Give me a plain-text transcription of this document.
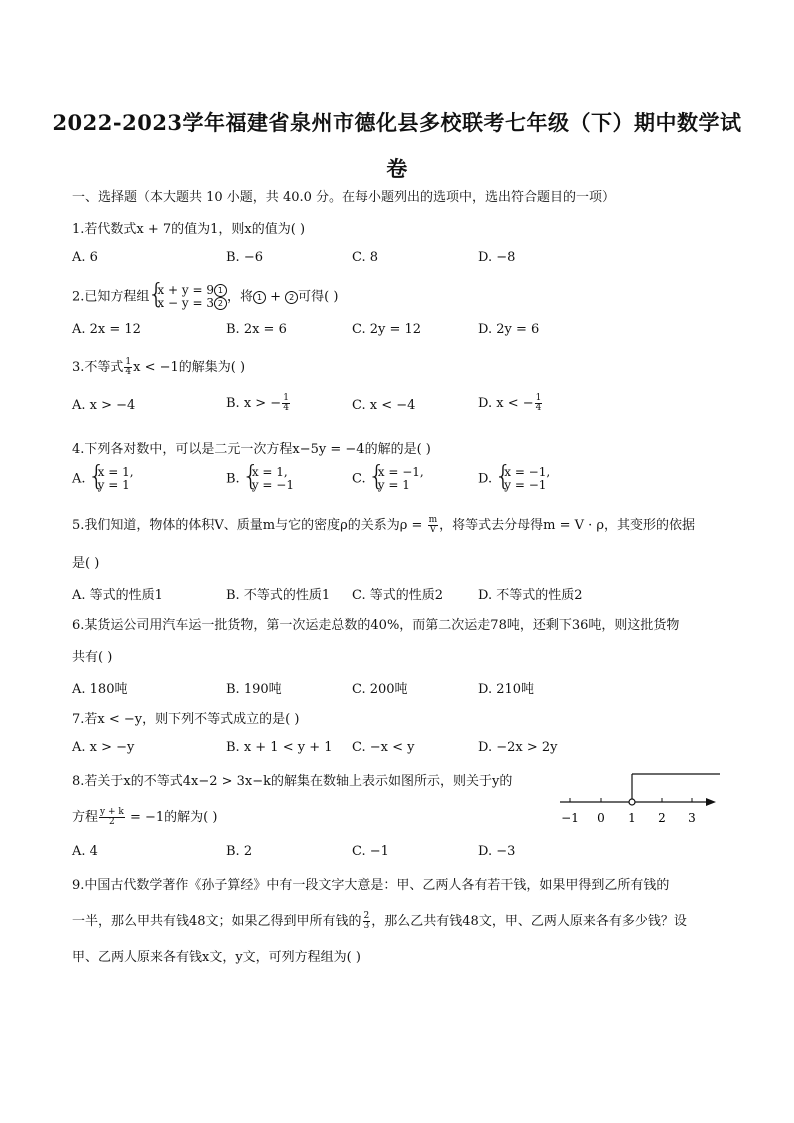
2022-2023学年福建省泉州市德化县多校联考七年级（下）期中数学试
卷
一、选择题（本大题共 10 小题，共 40.0 分。在每小题列出的选项中，选出符合题目的一项）
1.若代数式x + 7的值为1，则x的值为( )
A. 6	B. −6	C. 8	D. −8
2.已知方程组 { x + y = 9 1
x − y = 3 2 ，将 1 + 2 可得( )
A. 2x = 12	B. 2x = 6	C. 2y = 12	D. 2y = 6
3.不等式 $\frac{1}{4}$ x < −1的解集为( )
A. x > −4	B. x > − $\frac{1}{4}$	C. x < −4	D. x < − $\frac{1}{4}$
4.下列各对数中，可以是二元一次方程x−5y = −4的解的是( )
A. { x = 1,
y = 1	B. { x = 1,
y = −1	C. { x = −1,
y = 1	D. { x = −1,
y = −1
5.我们知道，物体的体积V、质量m与它的密度ρ的关系为$\rho = \frac{m}{V}$ ，将等式去分母得m = V · ρ，其变形的依据
是( )
A. 等式的性质1	B. 不等式的性质1 C. 等式的性质2	D. 不等式的性质2
6.某货运公司用汽车运一批货物，第一次运走总数的40%，而第二次运走78吨，还剩下36吨，则这批货物
共有( )
A. 180吨	B. 190吨	C. 200吨	D. 210吨
7.若x < −y，则下列不等式成立的是( )
A. x > −y	B. x + 1 < y + 1 C. −x < y	D. −2x > 2y
8.若关于x的不等式4x−2 > 3x−k的解集在数轴上表示如图所示，则关于y的
方程 $\frac{y + k}{2} = -1$的解为( )	−1 0 1 2 3
A. 4	B. 2	C. −1	D. −3
9.中国古代数学著作《孙子算经》中有一段文字大意是：甲、乙两人各有若干钱，如果甲得到乙所有钱的
一半，那么甲共有钱48文；如果乙得到甲所有钱的 $\frac{2}{3}$ ，那么乙共有钱48文，甲、乙两人原来各有多少钱？设
甲、乙两人原来各有钱x文，y文，可列方程组为( )
